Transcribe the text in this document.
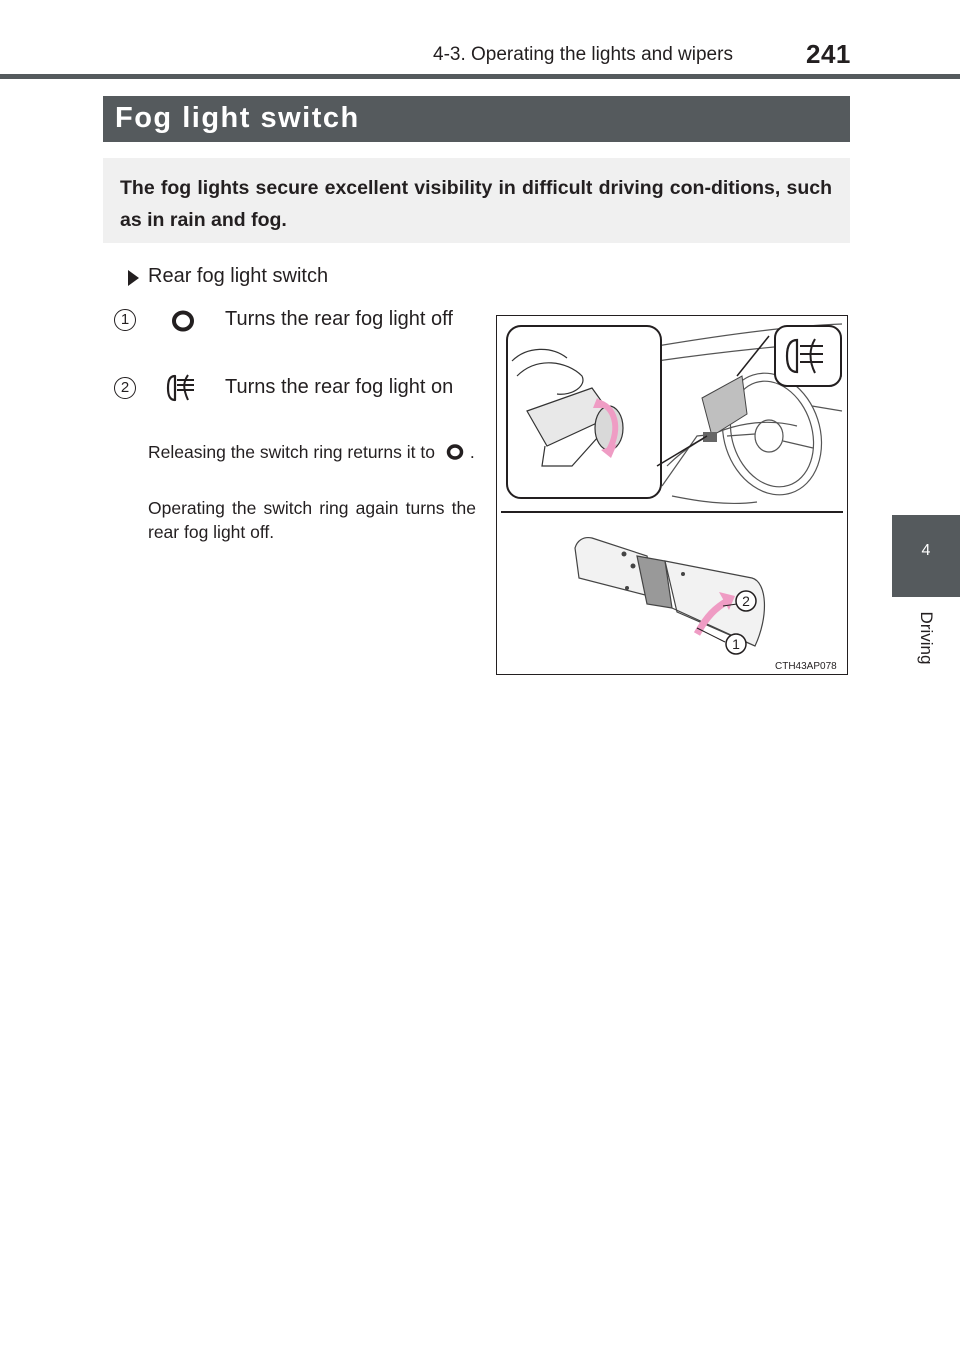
4-3. Operating the lights and wipers	241
4
Driving
Fog light switch
The fog lights secure excellent visibility in difficult driving con-ditions, such as in rain and fog.
Rear fog light switch
1	Turns the rear fog light off
2	Turns the rear fog light on
Releasing the switch ring returns it to .
Operating the switch ring again turns the rear fog light off.
2
1
CTH43AP078
